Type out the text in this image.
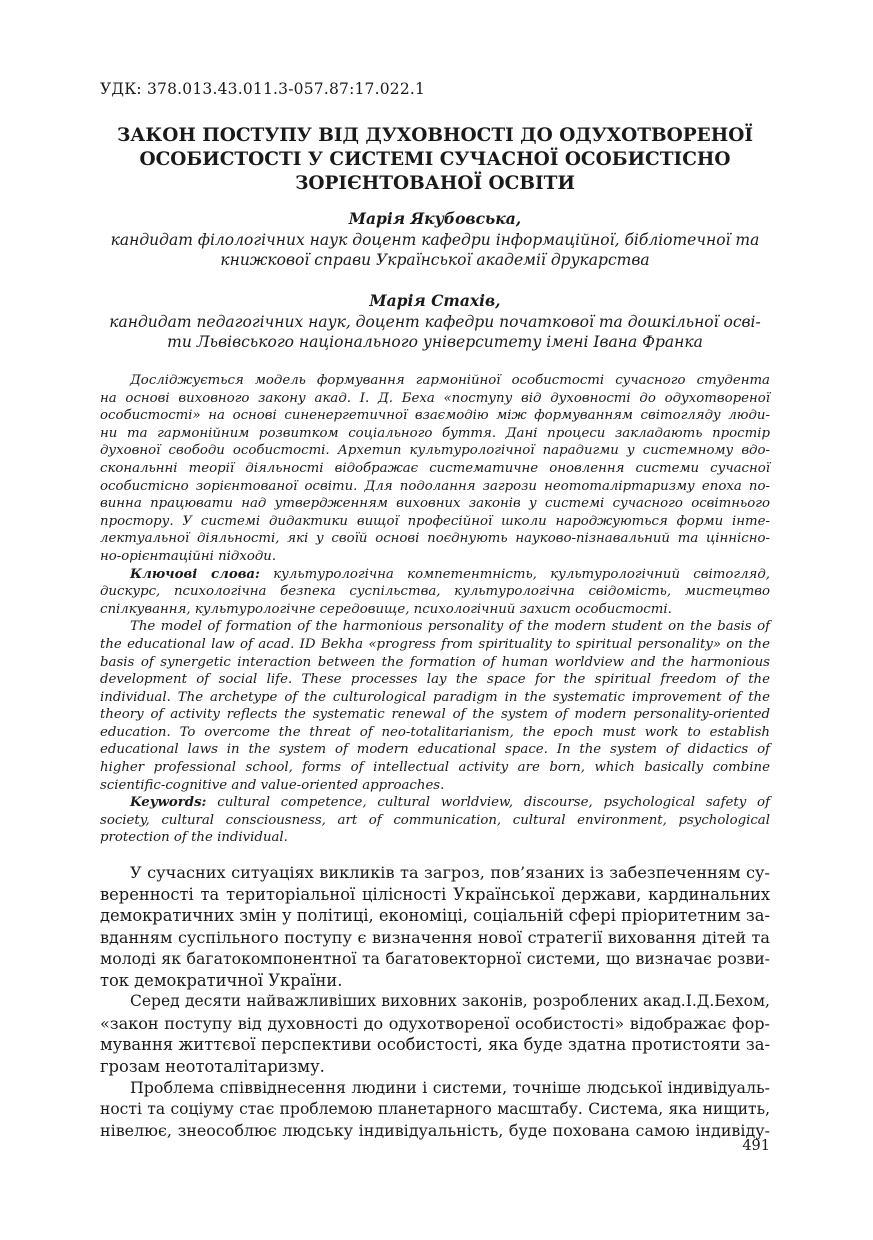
УДК: 378.013.43.011.3-057.87:17.022.1
ЗАКОН ПОСТУПУ ВІД ДУХОВНОСТІ ДО ОДУХОТВОРЕНОЇ
ОСОБИСТОСТІ У СИСТЕМІ СУЧАСНОЇ ОСОБИСТІСНО
ЗОРІЄНТОВАНОЇ ОСВІТИ
Марія Якубовська,
кандидат філологічних наук доцент кафедри інформаційної, бібліотечної та
книжкової справи Української академії друкарства
Марія Стахів,
кандидат педагогічних наук, доцент кафедри початкової та дошкільної осві-
ти Львівського національного університету імені Івана Франка
Досліджується модель формування гармонійної особистості сучасного студента
на основі виховного закону акад. І. Д. Беха «поступу від духовності до одухотвореної
особистості» на основі синенергетичної взаємодію між формуванням світогляду люди-
ни та гармонійним розвитком соціального буття. Дані процеси закладають простір
духовної свободи особистості. Архетип культурологічної парадигми у системному вдо-
скональнні теорії діяльності відображає систематичне оновлення системи сучасної
особистісно зорієнтованої освіти. Для подолання загрози неототаліртаризму епоха по-
винна працювати над утвердженням виховних законів у системі сучасного освітнього
простору. У системі дидактики вищої професійної школи народжуються форми інте-
лектуальної діяльності, які у своїй основі поєднують науково-пізнавальний та ціннісно-
но-орієнтаційні підходи.
Ключові слова: культурологічна компетентність, культурологічний світогляд,
дискурс, психологічна безпека суспільства, культурологічна свідомість, мистецтво
спілкування, культурологічне середовище, психологічний захист особистості.
The model of formation of the harmonious personality of the modern student on the basis of
the educational law of acad. ID Bekha «progress from spirituality to spiritual personality» on the
basis of synergetic interaction between the formation of human worldview and the harmonious
development of social life. These processes lay the space for the spiritual freedom of the
individual. The archetype of the culturological paradigm in the systematic improvement of the
theory of activity reflects the systematic renewal of the system of modern personality-oriented
education. To overcome the threat of neo-totalitarianism, the epoch must work to establish
educational laws in the system of modern educational space. In the system of didactics of
higher professional school, forms of intellectual activity are born, which basically combine
scientific-cognitive and value-oriented approaches.
Keywords: cultural competence, cultural worldview, discourse, psychological safety of
society, cultural consciousness, art of communication, cultural environment, psychological
protection of the individual.
У сучасних ситуаціях викликів та загроз, пов’язаних із забезпеченням су-
веренності та територіальної цілісності Української держави, кардинальних
демократичних змін у політиці, економіці, соціальній сфері пріоритетним за-
вданням суспільного поступу є визначення нової стратегії виховання дітей та
молоді як багатокомпонентної та багатовекторної системи, що визначає розви-
ток демократичної України.
Серед десяти найважливіших виховних законів, розроблених акад.І.Д.Бехом,
«закон поступу від духовності до одухотвореної особистості» відображає фор-
мування життєвої перспективи особистості, яка буде здатна протистояти за-
грозам неототалітаризму.
Проблема співвіднесення людини і системи, точніше людської індивідуаль-
ності та соціуму стає проблемою планетарного масштабу. Система, яка нищить,
нівелює, знеособлює людську індивідуальність, буде похована самою індивіду-
491
